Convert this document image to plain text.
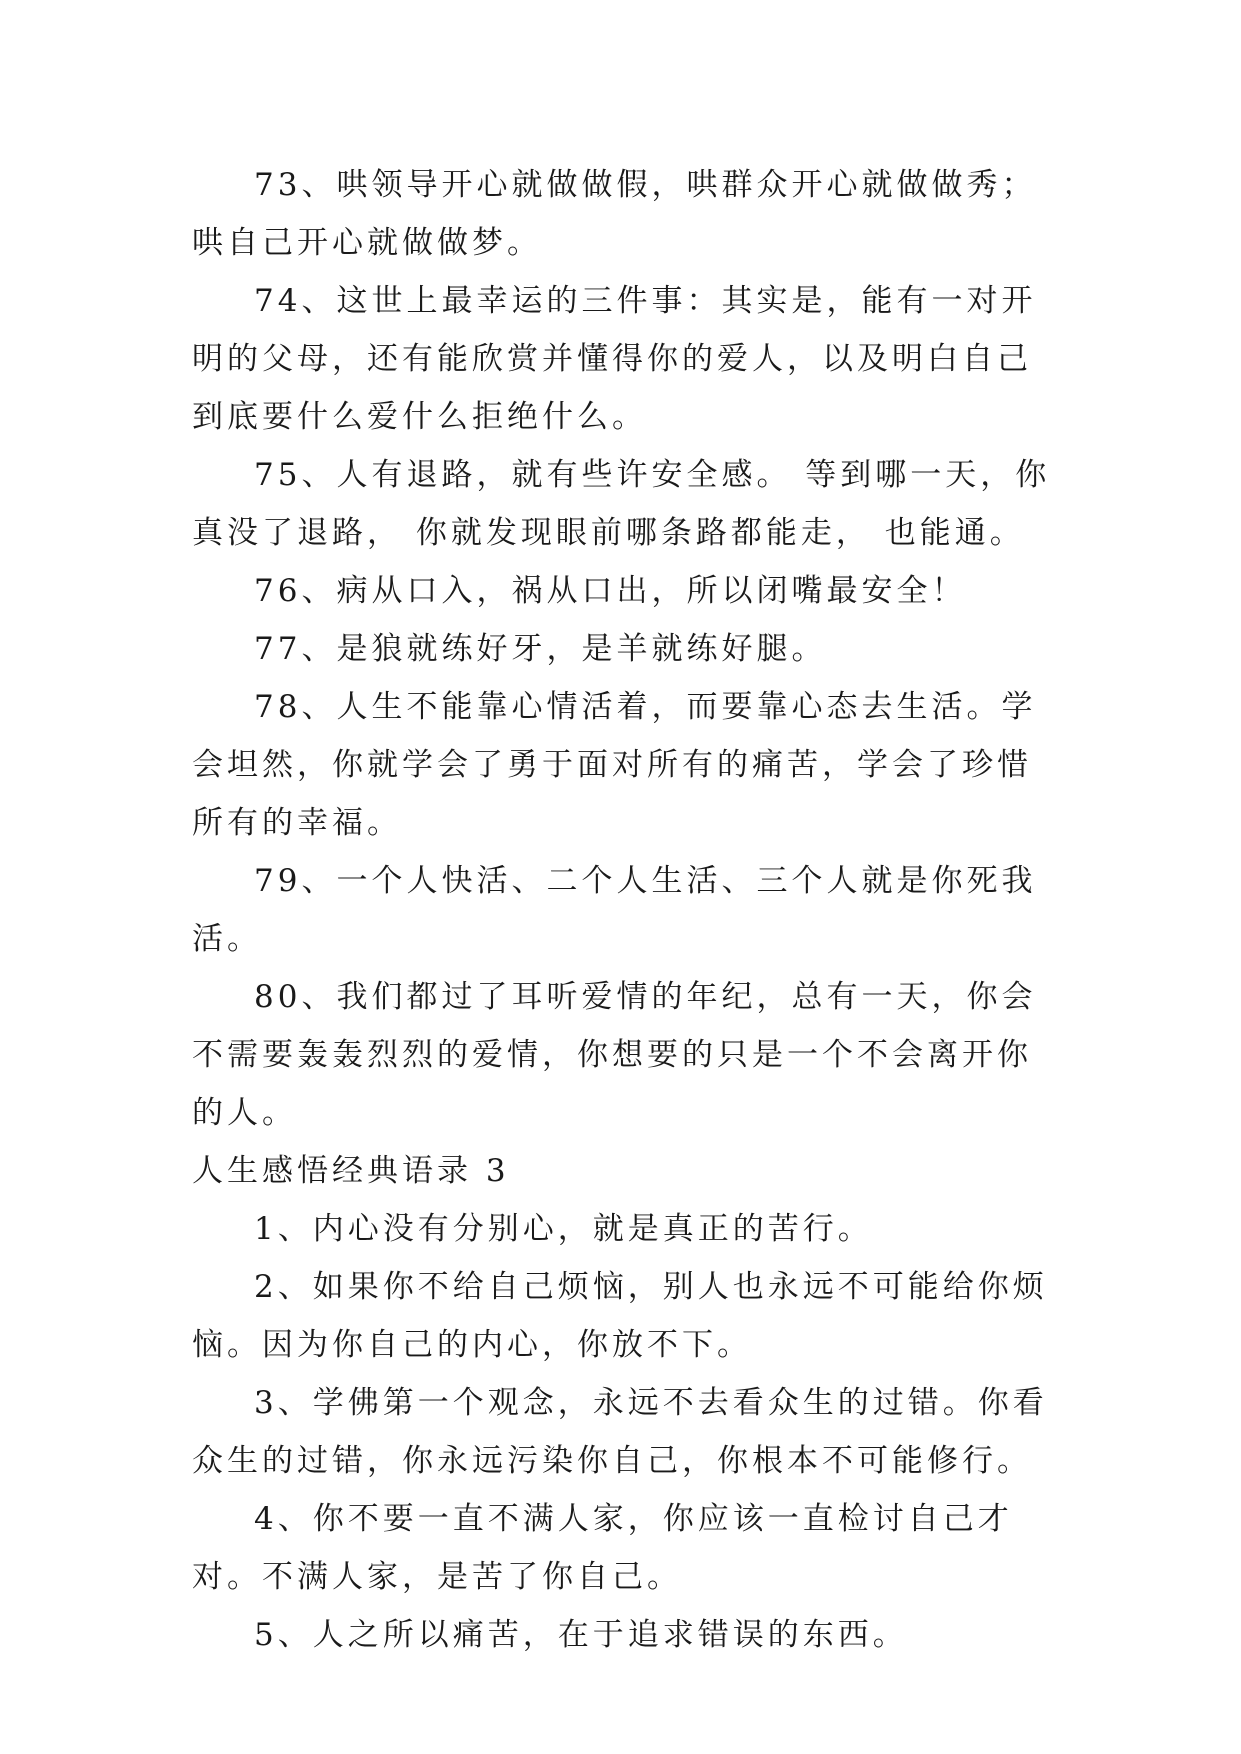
73、哄领导开心就做做假，哄群众开心就做做秀；哄自己开心就做做梦。

74、这世上最幸运的三件事：其实是，能有一对开明的父母，还有能欣赏并懂得你的爱人，以及明白自己到底要什么爱什么拒绝什么。

75、人有退路，就有些许安全感。 等到哪一天，你真没了退路， 你就发现眼前哪条路都能走， 也能通。

76、病从口入，祸从口出，所以闭嘴最安全！

77、是狼就练好牙，是羊就练好腿。

78、人生不能靠心情活着，而要靠心态去生活。学会坦然，你就学会了勇于面对所有的痛苦，学会了珍惜所有的幸福。

79、一个人快活、二个人生活、三个人就是你死我活。

80、我们都过了耳听爱情的年纪，总有一天，你会不需要轰轰烈烈的爱情，你想要的只是一个不会离开你的人。

人生感悟经典语录 3

1、内心没有分别心，就是真正的苦行。

2、如果你不给自己烦恼，别人也永远不可能给你烦恼。因为你自己的内心，你放不下。

3、学佛第一个观念，永远不去看众生的过错。你看众生的过错，你永远污染你自己，你根本不可能修行。

4、你不要一直不满人家，你应该一直检讨自己才对。不满人家，是苦了你自己。

5、人之所以痛苦，在于追求错误的东西。
